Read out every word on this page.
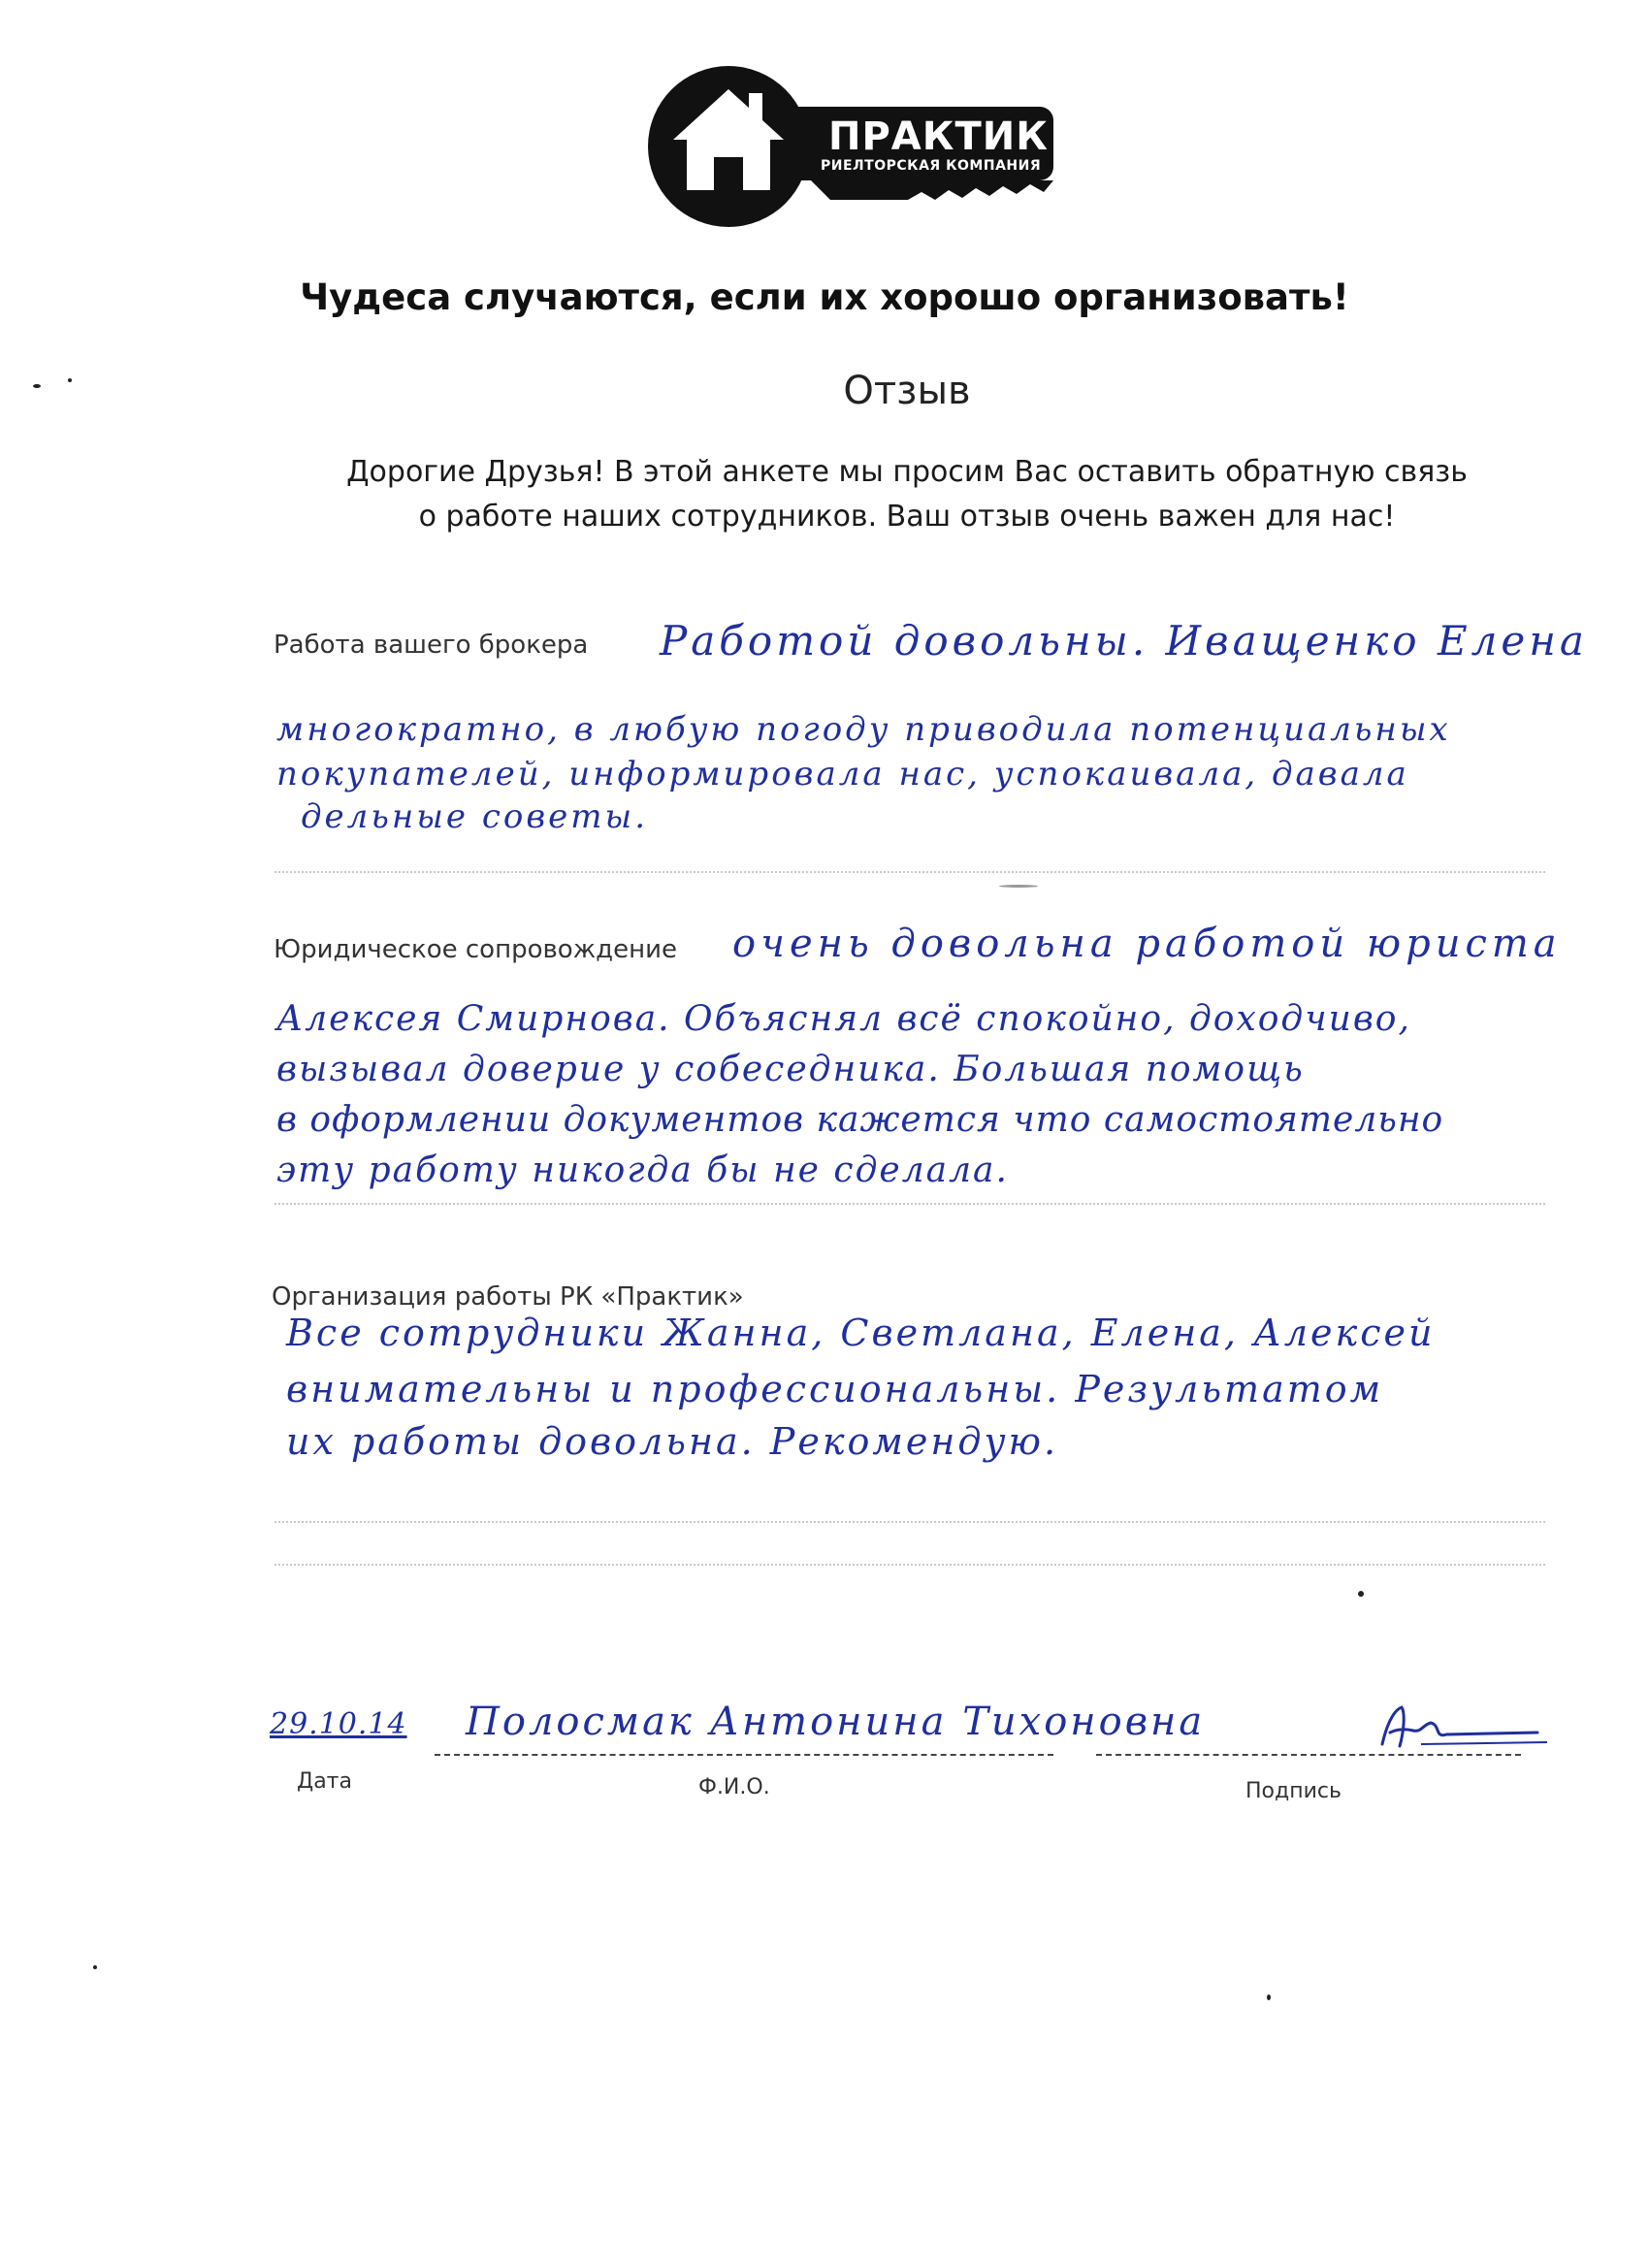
ПРАКТИК
РИЕЛТОРСКАЯ КОМПАНИЯ
Чудеса случаются, если их хорошо организовать!
Отзыв
Дорогие Друзья! В этой анкете мы просим Вас оставить обратную связь
о работе наших сотрудников. Ваш отзыв очень важен для нас!
Работа вашего брокера Работой довольны. Иващенко Елена
многократно, в любую погоду приводила потенциальных
покупателей, информировала нас, успокаивала, давала
дельные советы.
Юридическое сопровождение очень довольна работой юриста
Алексея Смирнова. Объяснял всё спокойно, доходчиво,
вызывал доверие у собеседника. Большая помощь
в оформлении документов кажется что самостоятельно
эту работу никогда бы не сделала.
Организация работы РК «Практик»
Все сотрудники Жанна, Светлана, Елена, Алексей
внимательны и профессиональны. Результатом
их работы довольна. Рекомендую.
29.10.14 Полосмак Антонина Тихоновна
Дата	Ф.И.О.	Подпись
